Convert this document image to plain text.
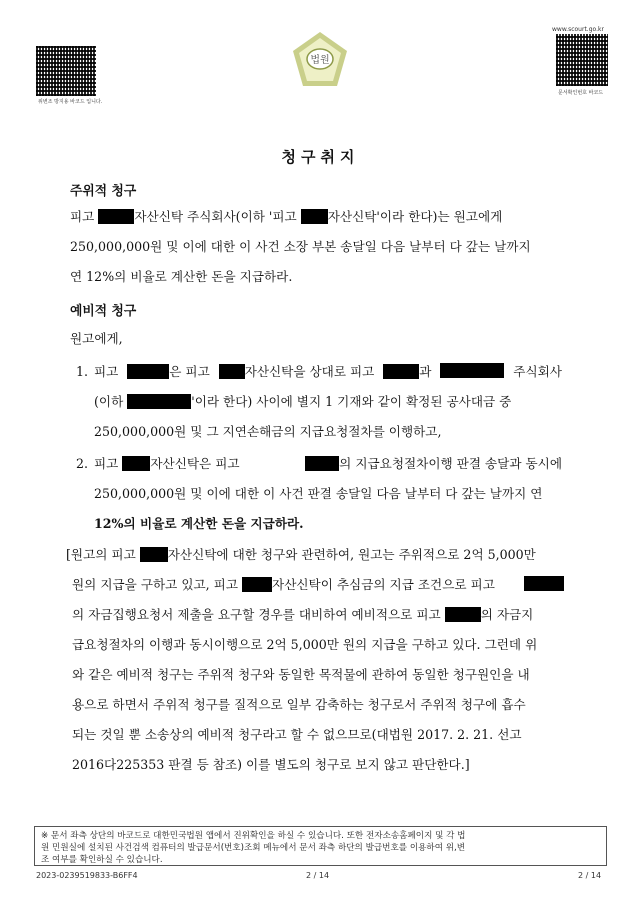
위변조 방지용 바코드 입니다.
법원
www.scourt.go.kr
문서확인번호 바코드
청구취지
주위적 청구
피고	자산신탁 주식회사(이하 '피고 자산신탁'이라 한다)는 원고에게
250,000,000원 및 이에 대한 이 사건 소장 부본 송달일 다음 날부터 다 갚는 날까지
연 12%의 비율로 계산한 돈을 지급하라.
예비적 청구
원고에게,
1. 피고	은 피고	자산신탁을 상대로 피고	과	주식회사
(이하	'이라 한다) 사이에 별지 1 기재와 같이 확정된 공사대금 중
250,000,000원 및 그 지연손해금의 지급요청절차를 이행하고,
2. 피고	자산신탁은 피고	의 지급요청절차이행 판결 송달과 동시에
250,000,000원 및 이에 대한 이 사건 판결 송달일 다음 날부터 다 갚는 날까지 연
12%의 비율로 계산한 돈을 지급하라.
[원고의 피고	자산신탁에 대한 청구와 관련하여, 원고는 주위적으로 2억 5,000만
원의 지급을 구하고 있고, 피고	자산신탁이 추심금의 지급 조건으로 피고
의 자금집행요청서 제출을 요구할 경우를 대비하여 예비적으로 피고	의 자금지
급요청절차의 이행과 동시이행으로 2억 5,000만 원의 지급을 구하고 있다. 그런데 위
와 같은 예비적 청구는 주위적 청구와 동일한 목적물에 관하여 동일한 청구원인을 내
용으로 하면서 주위적 청구를 질적으로 일부 감축하는 청구로서 주위적 청구에 흡수
되는 것일 뿐 소송상의 예비적 청구라고 할 수 없으므로(대법원 2017. 2. 21. 선고
2016다225353 판결 등 참조) 이를 별도의 청구로 보지 않고 판단한다.]
※ 문서 좌측 상단의 바코드로 대한민국법원 앱에서 진위확인을 하실 수 있습니다. 또한 전자소송홈페이지 및 각 법
원 민원실에 설치된 사건검색 컴퓨터의 발급문서(번호)조회 메뉴에서 문서 좌측 하단의 발급번호를 이용하여 위,변
조 여부를 확인하실 수 있습니다.
2023-0239519833-B6FF4	2 / 14	2 / 14
